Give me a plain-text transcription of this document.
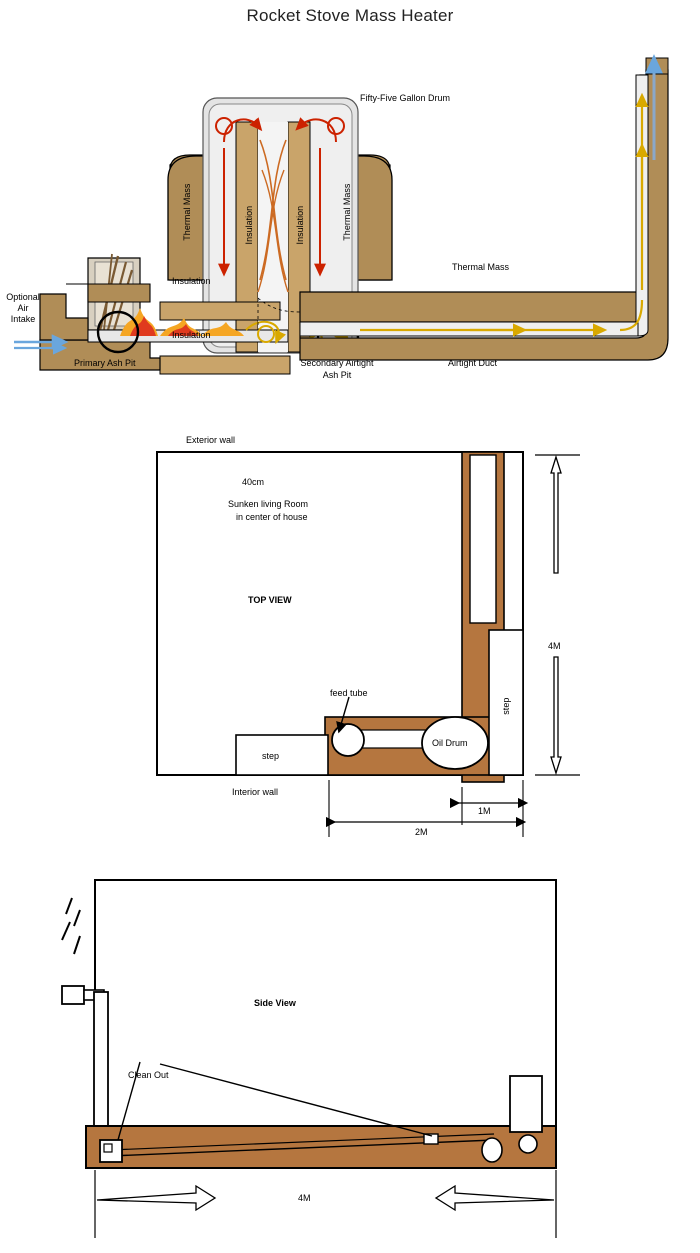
Rocket Stove Mass Heater
Fifty-Five Gallon Drum
Thermal Mass	Thermal Mass
Insulation	Insulation
Insulation
Insulation
Thermal Mass
Optional
Air
Intake
Primary Ash Pit	Secondary Airtight
Ash Pit
Airtight Duct
Exterior wall
40cm
Sunken living Room
in center of house
TOP VIEW
feed tube
Oil Drum
step
step
Interior wall
4M
1M
2M
Side View
Clean Out
4M
